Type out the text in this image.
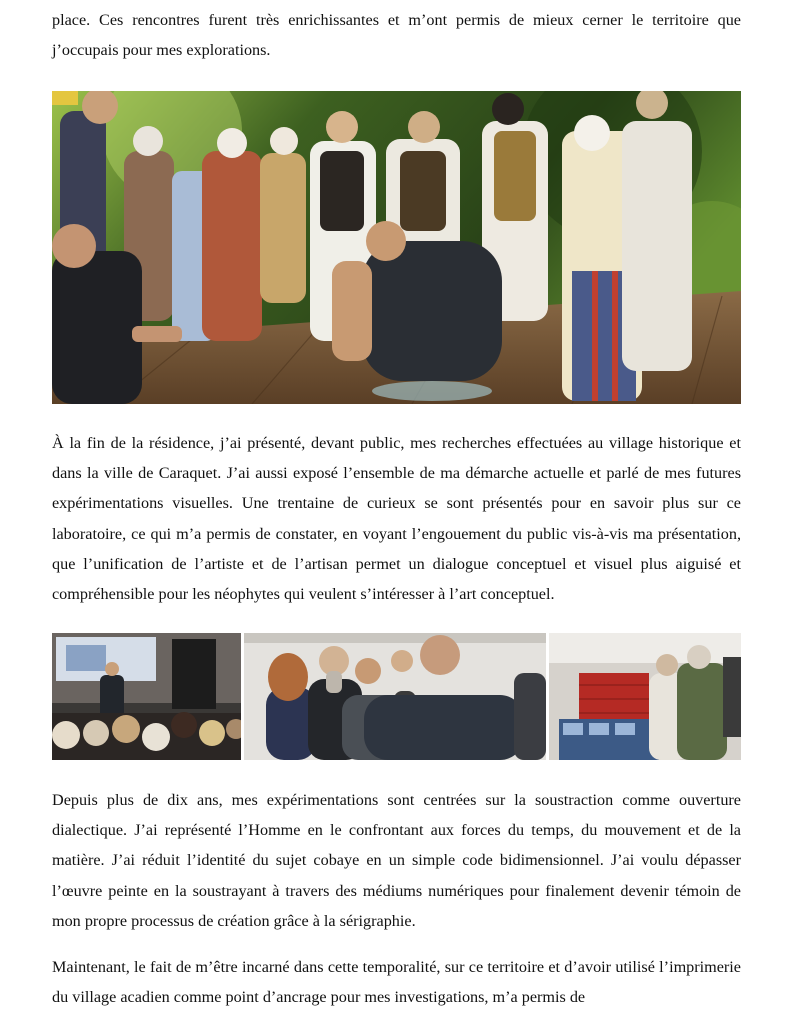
place. Ces rencontres furent très enrichissantes et m’ont permis de mieux cerner le territoire que j’occupais pour mes explorations.

À la fin de la résidence, j’ai présenté, devant public, mes recherches effectuées au village historique et dans la ville de Caraquet. J’ai aussi exposé l’ensemble de ma démarche actuelle et parlé de mes futures expérimentations visuelles. Une trentaine de curieux se sont présentés pour en savoir plus sur ce laboratoire, ce qui m’a permis de constater, en voyant l’engouement du public vis-à-vis ma présentation, que l’unification de l’artiste et de l’artisan permet un dialogue conceptuel et visuel plus aiguisé et compréhensible pour les néophytes qui veulent s’intéresser à l’art conceptuel.

Depuis plus de dix ans, mes expérimentations sont centrées sur la soustraction comme ouverture dialectique. J’ai représenté l’Homme en le confrontant aux forces du temps, du mouvement et de la matière. J’ai réduit l’identité du sujet cobaye en un simple code bidimensionnel. J’ai voulu dépasser l’œuvre peinte en la soustrayant à travers des médiums numériques pour finalement devenir témoin de mon propre processus de création grâce à la sérigraphie.

Maintenant, le fait de m’être incarné dans cette temporalité, sur ce territoire et d’avoir utilisé l’imprimerie du village acadien comme point d’ancrage pour mes investigations, m’a permis de
